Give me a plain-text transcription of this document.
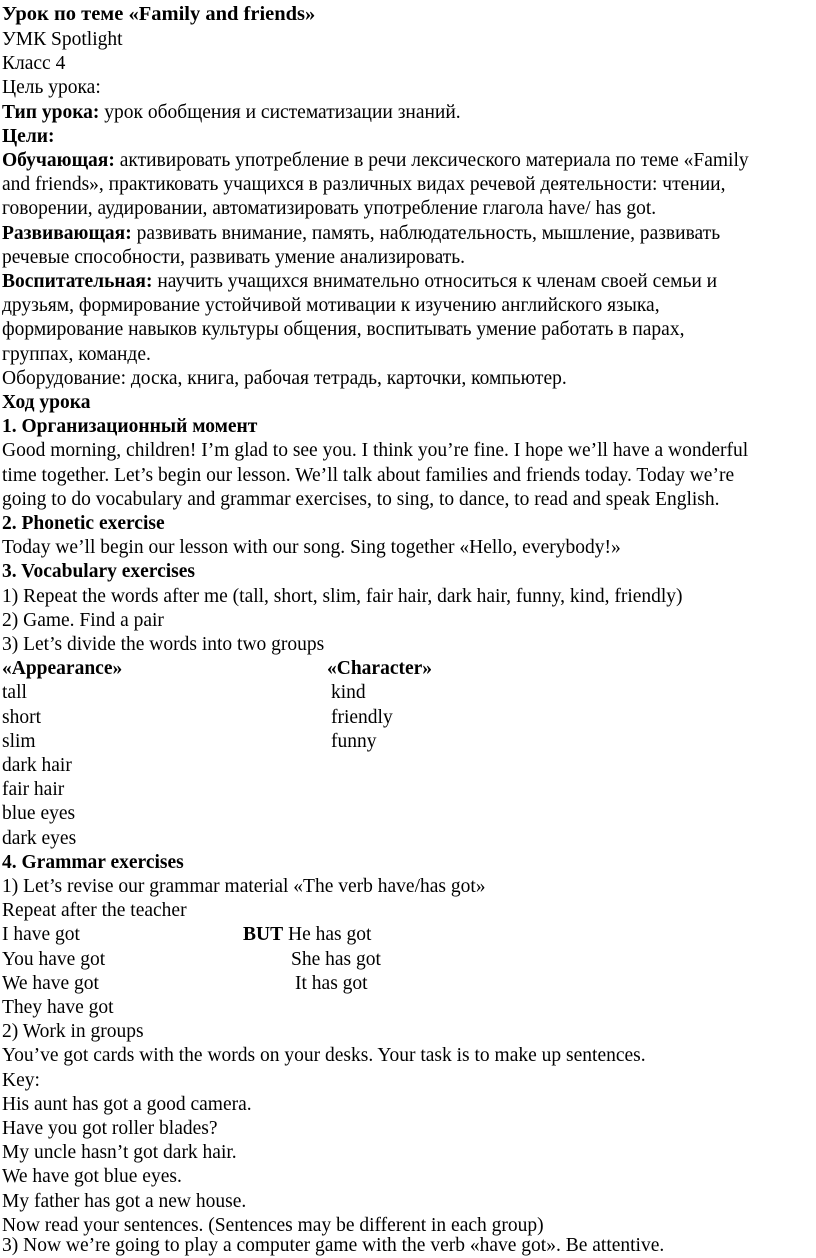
Урок по теме «Family and friends»
УМК Spotlight
Класс 4
Цель урока:
Тип урока: урок обобщения и систематизации знаний.
Цели:
Обучающая: активировать употребление в речи лексического материала по теме «Family
and friends», практиковать учащихся в различных видах речевой деятельности: чтении,
говорении, аудировании, автоматизировать употребление глагола have/ has got.
Развивающая: развивать внимание, память, наблюдательность, мышление, развивать
речевые способности, развивать умение анализировать.
Воспитательная: научить учащихся внимательно относиться к членам своей семьи и
друзьям, формирование устойчивой мотивации к изучению английского языка,
формирование навыков культуры общения, воспитывать умение работать в парах,
группах, команде.
Оборудование: доска, книга, рабочая тетрадь, карточки, компьютер.
Ход урока
1. Организационный момент
Good morning, children! I’m glad to see you. I think you’re fine. I hope we’ll have a wonderful
time together. Let’s begin our lesson. We’ll talk about families and friends today. Today we’re
going to do vocabulary and grammar exercises, to sing, to dance, to read and speak English.
2. Phonetic exercise
Today we’ll begin our lesson with our song. Sing together «Hello, everybody!»
3. Vocabulary exercises
1) Repeat the words after me (tall, short, slim, fair hair, dark hair, funny, kind, friendly)
2) Game. Find a pair
3) Let’s divide the words into two groups
«Appearance»	«Character»
tall	kind
short	friendly
slim	funny
dark hair
fair hair
blue eyes
dark eyes
4. Grammar exercises
1) Let’s revise our grammar material «The verb have/has got»
Repeat after the teacher
I have got	BUT He has got
You have got	She has got
We have got	It has got
They have got
2) Work in groups
You’ve got cards with the words on your desks. Your task is to make up sentences.
Key:
His aunt has got a good camera.
Have you got roller blades?
My uncle hasn’t got dark hair.
We have got blue eyes.
My father has got a new house.
Now read your sentences. (Sentences may be different in each group)
3) Now we’re going to play a computer game with the verb «have got». Be attentive.
